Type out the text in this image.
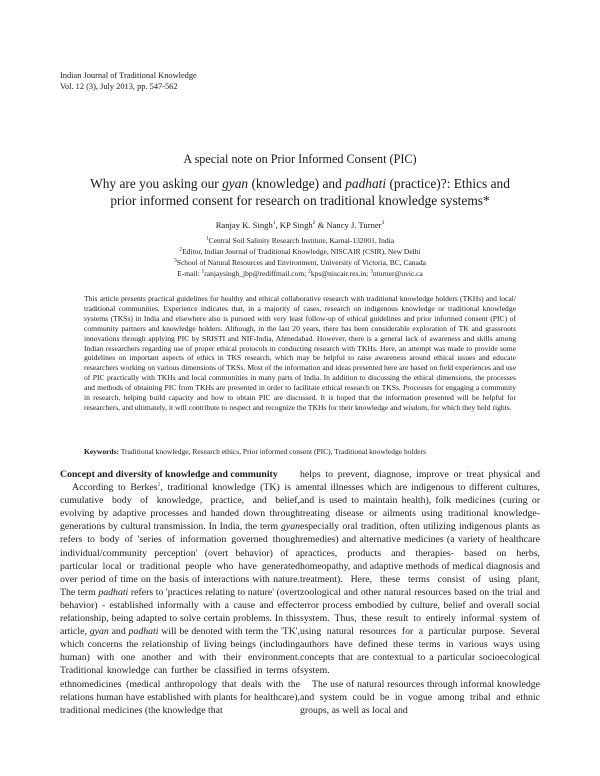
Indian Journal of Traditional Knowledge
Vol. 12 (3), July 2013, pp. 547-562
A special note on Prior Informed Consent (PIC)
Why are you asking our gyan (knowledge) and padhati (practice)?: Ethics and prior informed consent for research on traditional knowledge systems*
Ranjay K. Singh$^1$, KP Singh$^2$ & Nancy J. Turner$^3$
$^1$Central Soil Salinity Research Institute, Karnal-132001, India
$^2$Editor, Indian Journal of Traditional Knowledge, NISCAIR (CSIR), New Delhi
$^3$School of Natural Resources and Environment, University of Victoria, BC, Canada
E-mail: $^1$ranjaysingh_jbp@rediffmail.com; $^2$kps@niscair.res.in; $^3$nturner@uvic.ca
This article presents practical guidelines for healthy and ethical collaborative research with traditional knowledge holders (TKHs) and local/ traditional communities. Experience indicates that, in a majority of cases, research on indigenous knowledge or traditional knowledge systems (TKSs) in India and elsewhere also is pursued with very least follow-up of ethical guidelines and prior informed consent (PIC) of community partners and knowledge holders. Although, in the last 20 years, there has been considerable exploration of TK and grassroots innovations through applying PIC by SRISTI and NIF-India, Ahmedabad. However, there is a general lack of awareness and skills among Indian researchers regarding use of proper ethical protocols in conducting research with TKHs. Here, an attempt was made to provide some guidelines on important aspects of ethics in TKS research, which may be helpful to raise awareness around ethical issues and educate researchers working on various dimensions of TKSs. Most of the information and ideas presented here are based on field experiences and use of PIC practically with TKHs and local communities in many parts of India. In addition to discussing the ethical dimensions, the processes and methods of obtaining PIC from TKHs are presented in order to facilitate ethical research on TKSs. Processes for engaging a community in research, helping build capacity and how to obtain PIC are discussed. It is hoped that the information presented will be helpful for researchers, and ultimately, it will contribute to respect and recognize the TKHs for their knowledge and wisdom, for which they hold rights.
Keywords: Traditional knowledge, Research ethics, Prior informed consent (PIC), Traditional knowledge holders
Concept and diversity of knowledge and community

According to Berkes$^1$, traditional knowledge (TK) is a cumulative body of knowledge, practice, and belief, evolving by adaptive processes and handed down through generations by cultural transmission. In India, the term gyan refers to body of 'series of information governed though individual/community perception' (overt behavior) of a particular local or traditional people who have generated over period of time on the basis of interactions with nature. The term padhati refers to 'practices relating to nature' (overt behavior) - established informally with a cause and effect relationship, being adapted to solve certain problems. In this article, gyan and padhati will be denoted with term the 'TK', which concerns the relationship of living beings (including human) with one another and with their environment. Traditional knowledge can further be classified in terms of ethnomedicines (medical anthropology that deals with the relations human have established with plants for healthcare), traditional medicines (the knowledge that

helps to prevent, diagnose, improve or treat physical and mental illnesses which are indigenous to different cultures, and is used to maintain health), folk medicines (curing or treating disease or ailments using traditional knowledge- especially oral tradition, often utilizing indigenous plants as remedies) and alternative medicines (a variety of healthcare practices, products and therapies- based on herbs, homeopathy, and adaptive methods of medical diagnosis and treatment). Here, these terms consist of using plant, zoological and other natural resources based on the trial and error process embodied by culture, belief and overall social system. Thus, these result to entirely informal system of using natural resources for a particular purpose. Several authors have defined these terms in various ways using concepts that are contextual to a particular socioecological system.

The use of natural resources through informal knowledge and system could be in vogue among tribal and ethnic groups, as well as local and
